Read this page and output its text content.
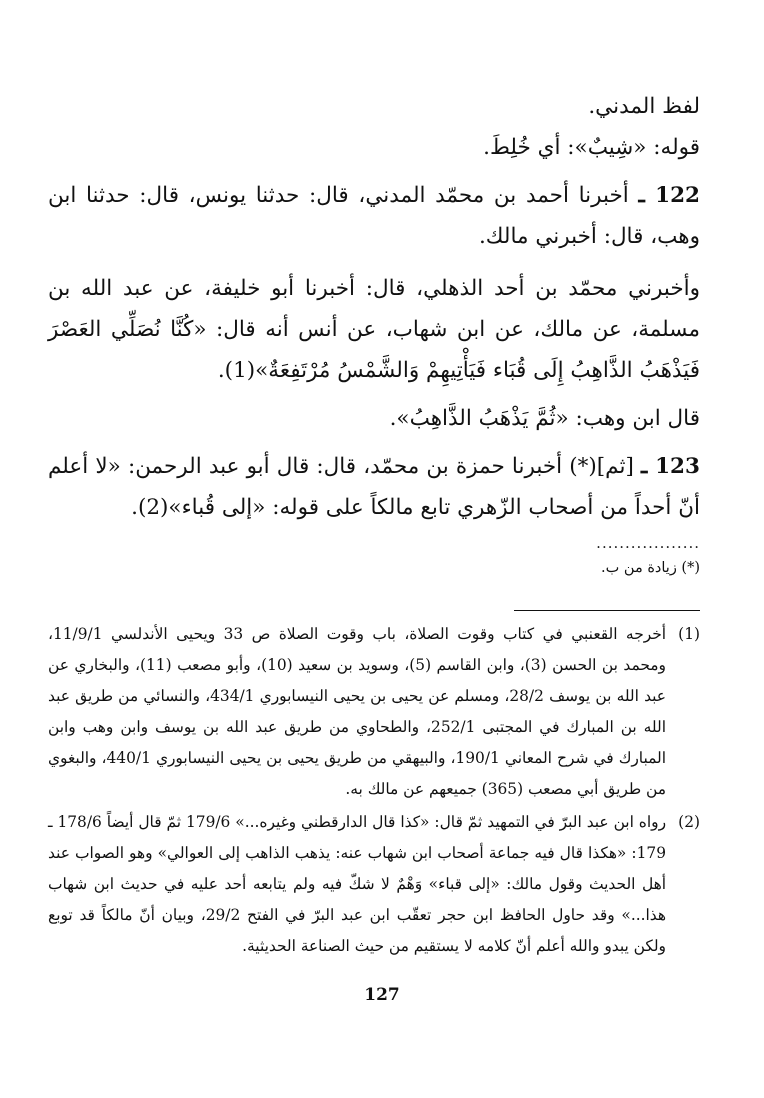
لفظ المدني.

قوله: «شِيبٌ»: أي خُلِطَ.

122 ـ أخبرنا أحمد بن محمّد المدني، قال: حدثنا يونس، قال: حدثنا ابن وهب، قال: أخبرني مالك.

وأخبرني محمّد بن أحد الذهلي، قال: أخبرنا أبو خليفة، عن عبد الله بن مسلمة، عن مالك، عن ابن شهاب، عن أنس أنه قال: «كُنَّا نُصَلِّي العَصْرَ فَيَذْهَبُ الذَّاهِبُ إِلَى قُبَاء فَيَأْتِيهِمْ وَالشَّمْسُ مُرْتَفِعَةٌ»(1).

قال ابن وهب: «ثُمَّ يَذْهَبُ الذَّاهِبُ».

123 ـ [ثم](*) أخبرنا حمزة بن محمّد، قال: قال أبو عبد الرحمن: «لا أعلم أنّ أحداً من أصحاب الزّهري تابع مالكاً على قوله: «إلى قُباء»(2).

..................
(*) زيادة من ب.
(1)
أخرجه القعنبي في كتاب وقوت الصلاة، باب وقوت الصلاة ص 33 ويحيى الأندلسي 11/9/1، ومحمد بن الحسن (3)، وابن القاسم (5)، وسويد بن سعيد (10)، وأبو مصعب (11)، والبخاري عن عبد الله بن يوسف 28/2، ومسلم عن يحيى بن يحيى النيسابوري 434/1، والنسائي من طريق عبد الله بن المبارك في المجتبى 252/1، والطحاوي من طريق عبد الله بن يوسف وابن وهب وابن المبارك في شرح المعاني 190/1، والبيهقي من طريق يحيى بن يحيى النيسابوري 440/1، والبغوي من طريق أبي مصعب (365) جميعهم عن مالك به.
(2)
رواه ابن عبد البرّ في التمهيد ثمّ قال: «كذا قال الدارقطني وغيره...» 179/6 ثمّ قال أيضاً 178/6 ـ 179: «هكذا قال فيه جماعة أصحاب ابن شهاب عنه: يذهب الذاهب إلى العوالي» وهو الصواب عند أهل الحديث وقول مالك: «إلى قباء» وَهْمٌ لا شكّ فيه ولم يتابعه أحد عليه في حديث ابن شهاب هذا...» وقد حاول الحافظ ابن حجر تعقّب ابن عبد البرّ في الفتح 29/2، وبيان أنّ مالكاً قد توبع ولكن يبدو والله أعلم أنّ كلامه لا يستقيم من حيث الصناعة الحديثية.
127
